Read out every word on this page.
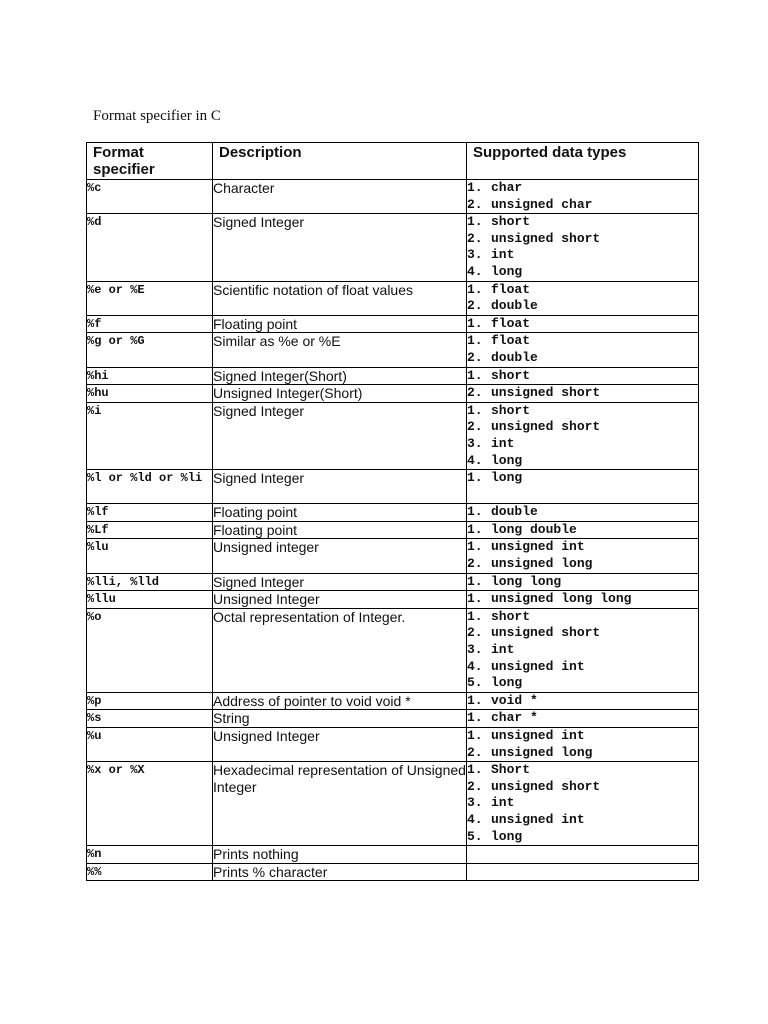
Format specifier in C
Format specifier	Description	Supported data types

%c	Character	1. char
2. unsigned char

%d	Signed Integer	1. short
2. unsigned short
3. int
4. long

%e or %E	Scientific notation of float values	1. float
2. double

%f	Floating point	1. float

%g or %G	Similar as %e or %E	1. float
2. double

%hi	Signed Integer(Short)	1. short

%hu	Unsigned Integer(Short)	2. unsigned short

%i	Signed Integer	1. short
2. unsigned short
3. int
4. long

%l or %ld or %li	Signed Integer	1. long

%lf	Floating point	1. double

%Lf	Floating point	1. long double

%lu	Unsigned integer	1. unsigned int
2. unsigned long

%lli, %lld	Signed Integer	1. long long

%llu	Unsigned Integer	1. unsigned long long

%o	Octal representation of Integer.	1. short
2. unsigned short
3. int
4. unsigned int
5. long

%p	Address of pointer to void void *	1. void *

%s	String	1. char *

%u	Unsigned Integer	1. unsigned int
2. unsigned long

%x or %X	Hexadecimal representation of Unsigned Integer	1. Short
2. unsigned short
3. int
4. unsigned int
5. long

%n	Prints nothing	
%%	Prints % character	
